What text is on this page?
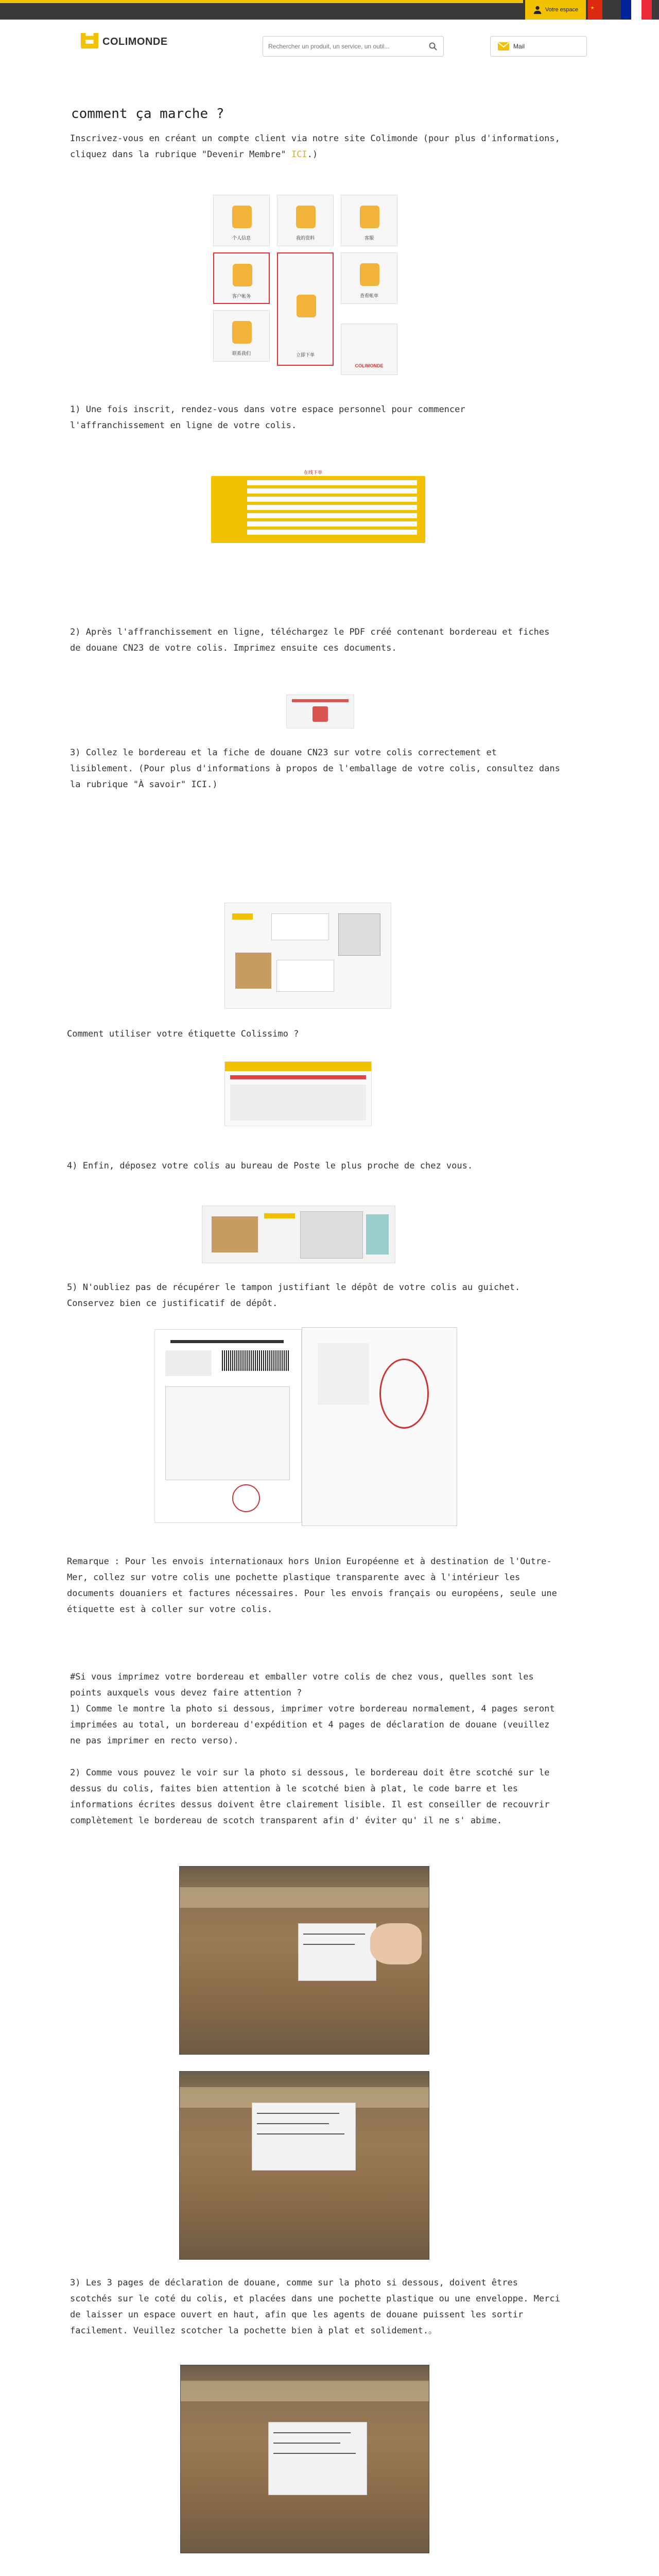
Votre espace ★
COLIMONDE
Rechercher un produit, un service, un outil...	Mail
comment ça marche ?

Inscrivez-vous en créant un compte client via notre site Colimonde (pour plus d'informations, cliquez dans la rubrique "Devenir Membre" ICI.)

个人信息	我的资料	客服
客户帐务
立即下单
查看帐单
联系我们
COLIMONDE

1) Une fois inscrit, rendez-vous dans votre espace personnel pour commencer l'affranchissement en ligne de votre colis.

在线下单

2) Après l'affranchissement en ligne, téléchargez le PDF créé contenant bordereau et fiches de douane CN23 de votre colis. Imprimez ensuite ces documents.

3) Collez le bordereau et la fiche de douane CN23 sur votre colis correctement et lisiblement. (Pour plus d'informations à propos de l'emballage de votre colis, consultez dans la rubrique "À savoir" ICI.)

Comment utiliser votre étiquette Colissimo ?

4) Enfin, déposez votre colis au bureau de Poste le plus proche de chez vous.

5) N'oubliez pas de récupérer le tampon justifiant le dépôt de votre colis au guichet. Conservez bien ce justificatif de dépôt.

Remarque : Pour les envois internationaux hors Union Européenne et à destination de l'Outre-Mer, collez sur votre colis une pochette plastique transparente avec à l'intérieur les documents douaniers et factures nécessaires. Pour les envois français ou européens, seule une étiquette est à coller sur votre colis.

#Si vous imprimez votre bordereau et emballer votre colis de chez vous, quelles sont les points auxquels vous devez faire attention ?

1) Comme le montre la photo si dessous, imprimer votre bordereau normalement, 4 pages seront imprimées au total, un bordereau d'expédition et 4 pages de déclaration de douane (veuillez ne pas imprimer en recto verso).

2) Comme vous pouvez le voir sur la photo si dessous, le bordereau doit être scotché sur le dessus du colis, faites bien attention à le scotché bien à plat, le code barre et les informations écrites dessus doivent être clairement lisible. Il est conseiller de recouvrir complètement le bordereau de scotch transparent afin d' éviter qu' il ne s' abime.

3) Les 3 pages de déclaration de douane, comme sur la photo si dessous, doivent êtres scotchés sur le coté du colis, et placées dans une pochette plastique ou une enveloppe. Merci de laisser un espace ouvert en haut, afin que les agents de douane puissent les sortir facilement. Veuillez scotcher la pochette bien à plat et solidement.。
